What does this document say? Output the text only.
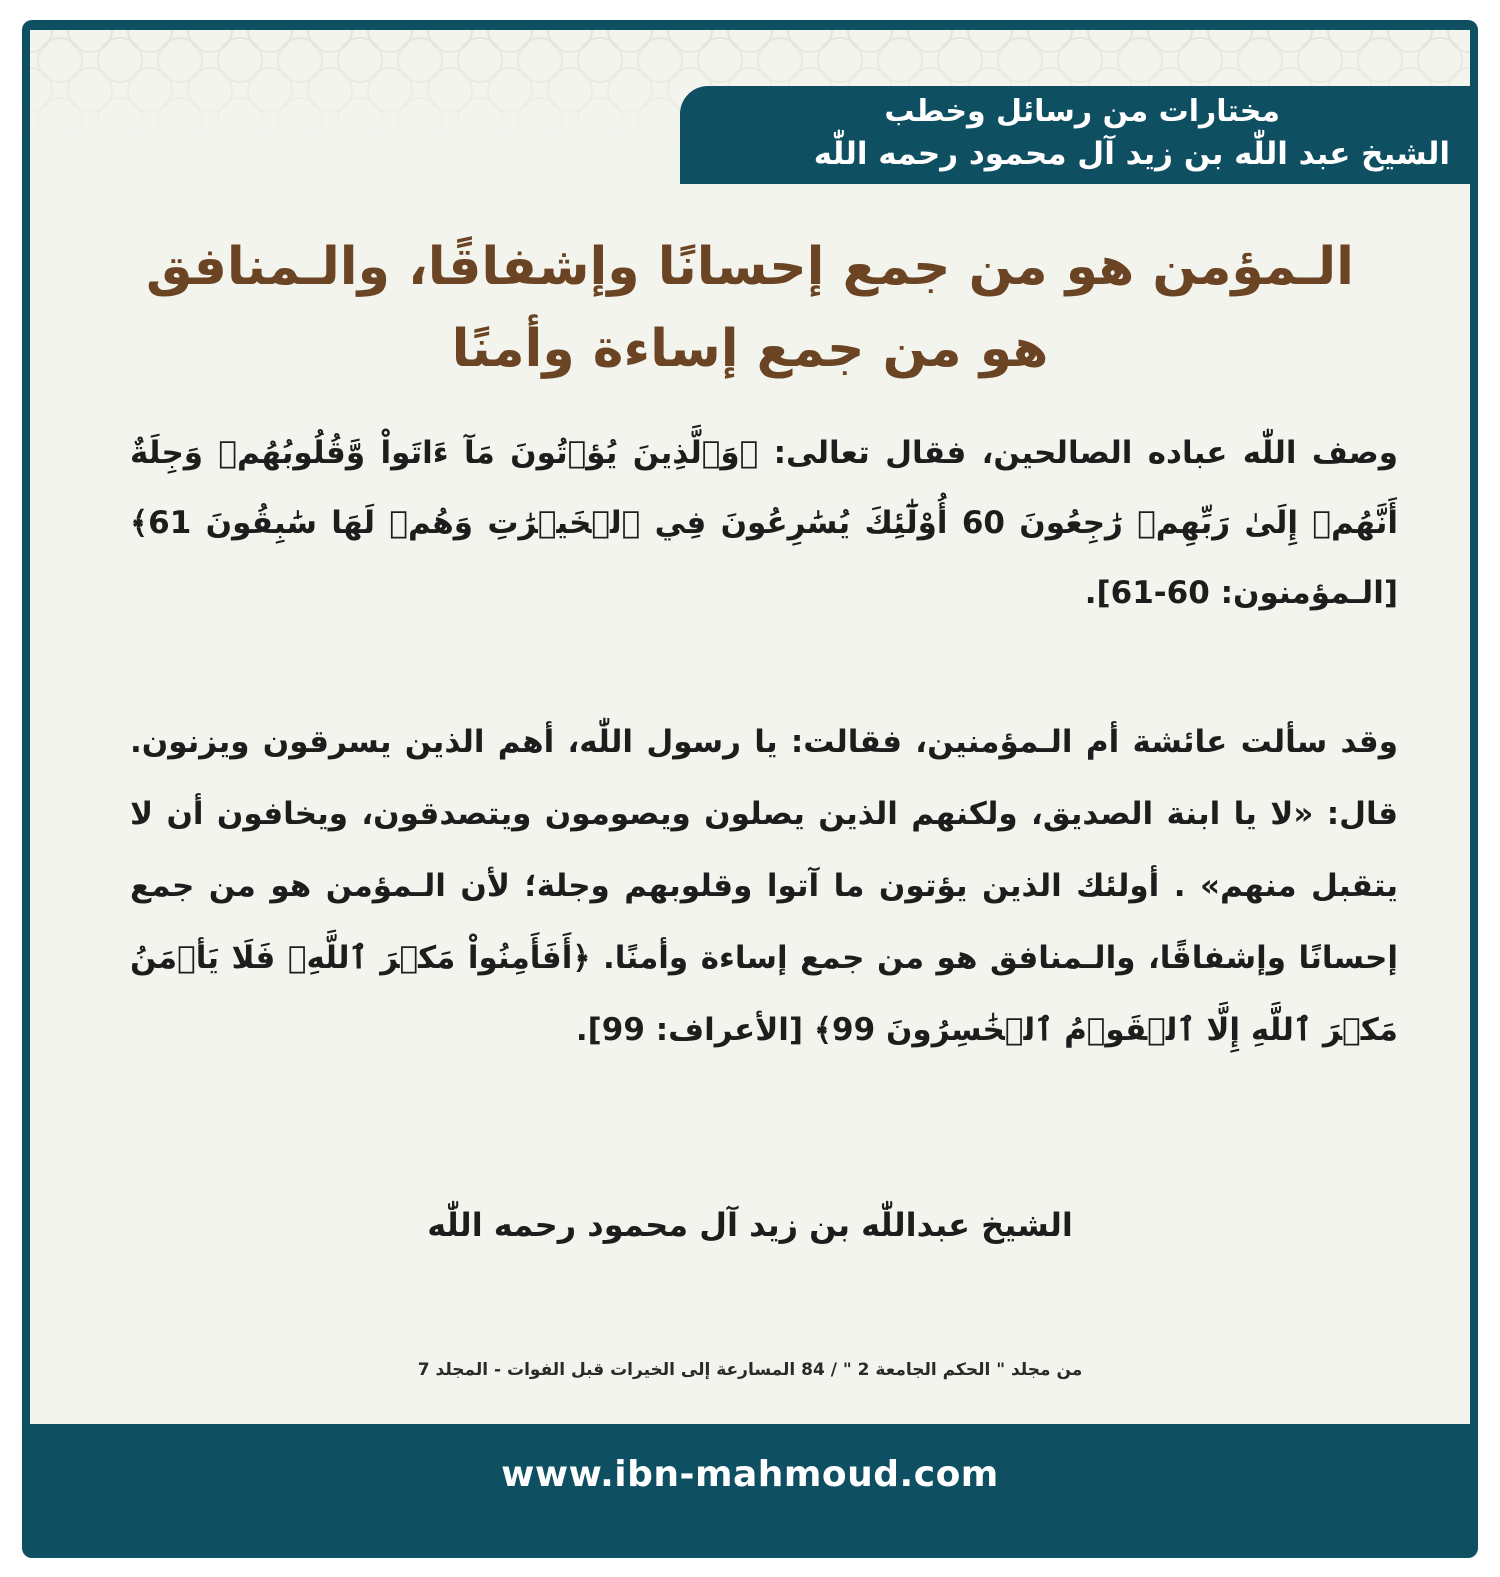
مختارات من رسائل وخطب
الشيخ عبد اللّٰه بن زيد آل محمود رحمه اللّٰه
الـمؤمن هو من جمع إحسانًا وإشفاقًا، والـمنافق
هو من جمع إساءة وأمنًا
وصف اللّٰه عباده الصالحين، فقال تعالى: ﴿وَٱلَّذِينَ يُؤۡتُونَ مَآ ءَاتَواْ وَّقُلُوبُهُمۡ وَجِلَةٌ أَنَّهُمۡ إِلَىٰ رَبِّهِمۡ رَٰجِعُونَ 60 أُوْلَٰٓئِكَ يُسَٰرِعُونَ فِي ٱلۡخَيۡرَٰتِ وَهُمۡ لَهَا سَٰبِقُونَ 61﴾ [الـمؤمنون: 60-61].
وقد سألت عائشة أم الـمؤمنين، فقالت: يا رسول اللّٰه، أهم الذين يسرقون ويزنون. قال: «لا يا ابنة الصديق، ولكنهم الذين يصلون ويصومون ويتصدقون، ويخافون أن لا يتقبل منهم» . أولئك الذين يؤتون ما آتوا وقلوبهم وجلة؛ لأن الـمؤمن هو من جمع إحسانًا وإشفاقًا، والـمنافق هو من جمع إساءة وأمنًا. ﴿أَفَأَمِنُواْ مَكۡرَ ٱللَّهِۚ فَلَا يَأۡمَنُ مَكۡرَ ٱللَّهِ إِلَّا ٱلۡقَوۡمُ ٱلۡخَٰسِرُونَ 99﴾ [الأعراف: 99].
الشيخ عبداللّٰه بن زيد آل محمود رحمه اللّٰه
من مجلد " الحكم الجامعة 2 " / 84 المسارعة إلى الخيرات قبل الفوات - المجلد 7
www.ibn-mahmoud.com
